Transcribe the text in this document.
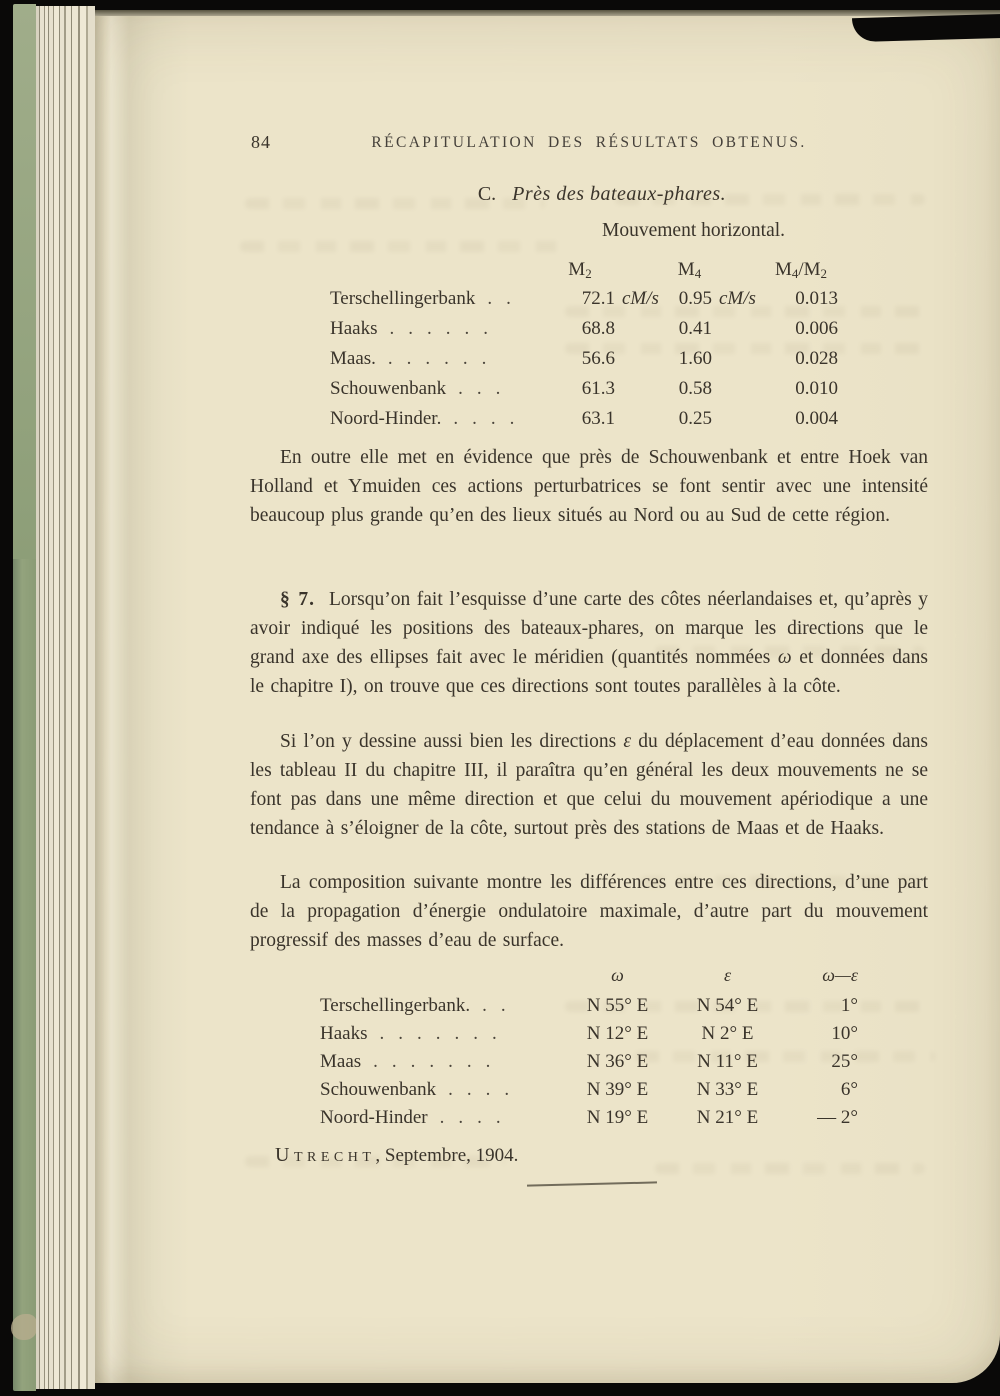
84	RÉCAPITULATION DES RÉSULTATS OBTENUS.
C. Près des bateaux-phares.
Mouvement horizontal.
$M_2$	$M_4$	$M_4/M_2$
Terschellingerbank ..	72.1 cM/s	0.95 cM/s	0.013
Haaks ......	68.8	0.41	0.006
Maas. ......	56.6	1.60	0.028
Schouwenbank ...	61.3	0.58	0.010
Noord-Hinder. ....	63.1	0.25	0.004
En outre elle met en évidence que près de Schouwenbank et entre Hoek van Holland et Ymuiden ces actions perturbatrices se font sentir avec une intensité beaucoup plus grande qu’en des lieux situés au Nord ou au Sud de cette région.
§ 7. Lorsqu’on fait l’esquisse d’une carte des côtes néerlandaises et, qu’après y avoir indiqué les positions des bateaux-phares, on marque les directions que le grand axe des ellipses fait avec le méridien (quantités nommées ω et données dans le chapitre I), on trouve que ces directions sont toutes parallèles à la côte.
Si l’on y dessine aussi bien les directions ε du déplacement d’eau données dans les tableau II du chapitre III, il paraîtra qu’en général les deux mouvements ne se font pas dans une même direction et que celui du mouvement apériodique a une tendance à s’éloigner de la côte, surtout près des stations de Maas et de Haaks.
La composition suivante montre les différences entre ces directions, d’une part de la propagation d’énergie ondulatoire maximale, d’autre part du mouvement progressif des masses d’eau de surface.
ω	ε	ω—ε
Terschellingerbank. ..	N 55° E	N 54° E	1°
Haaks .......	N 12° E	N 2° E	10°
Maas .......	N 36° E	N 11° E	25°
Schouwenbank ....	N 39° E	N 33° E	6°
Noord-Hinder ....	N 19° E	N 21° E	— 2°
Utrecht, Septembre, 1904.
